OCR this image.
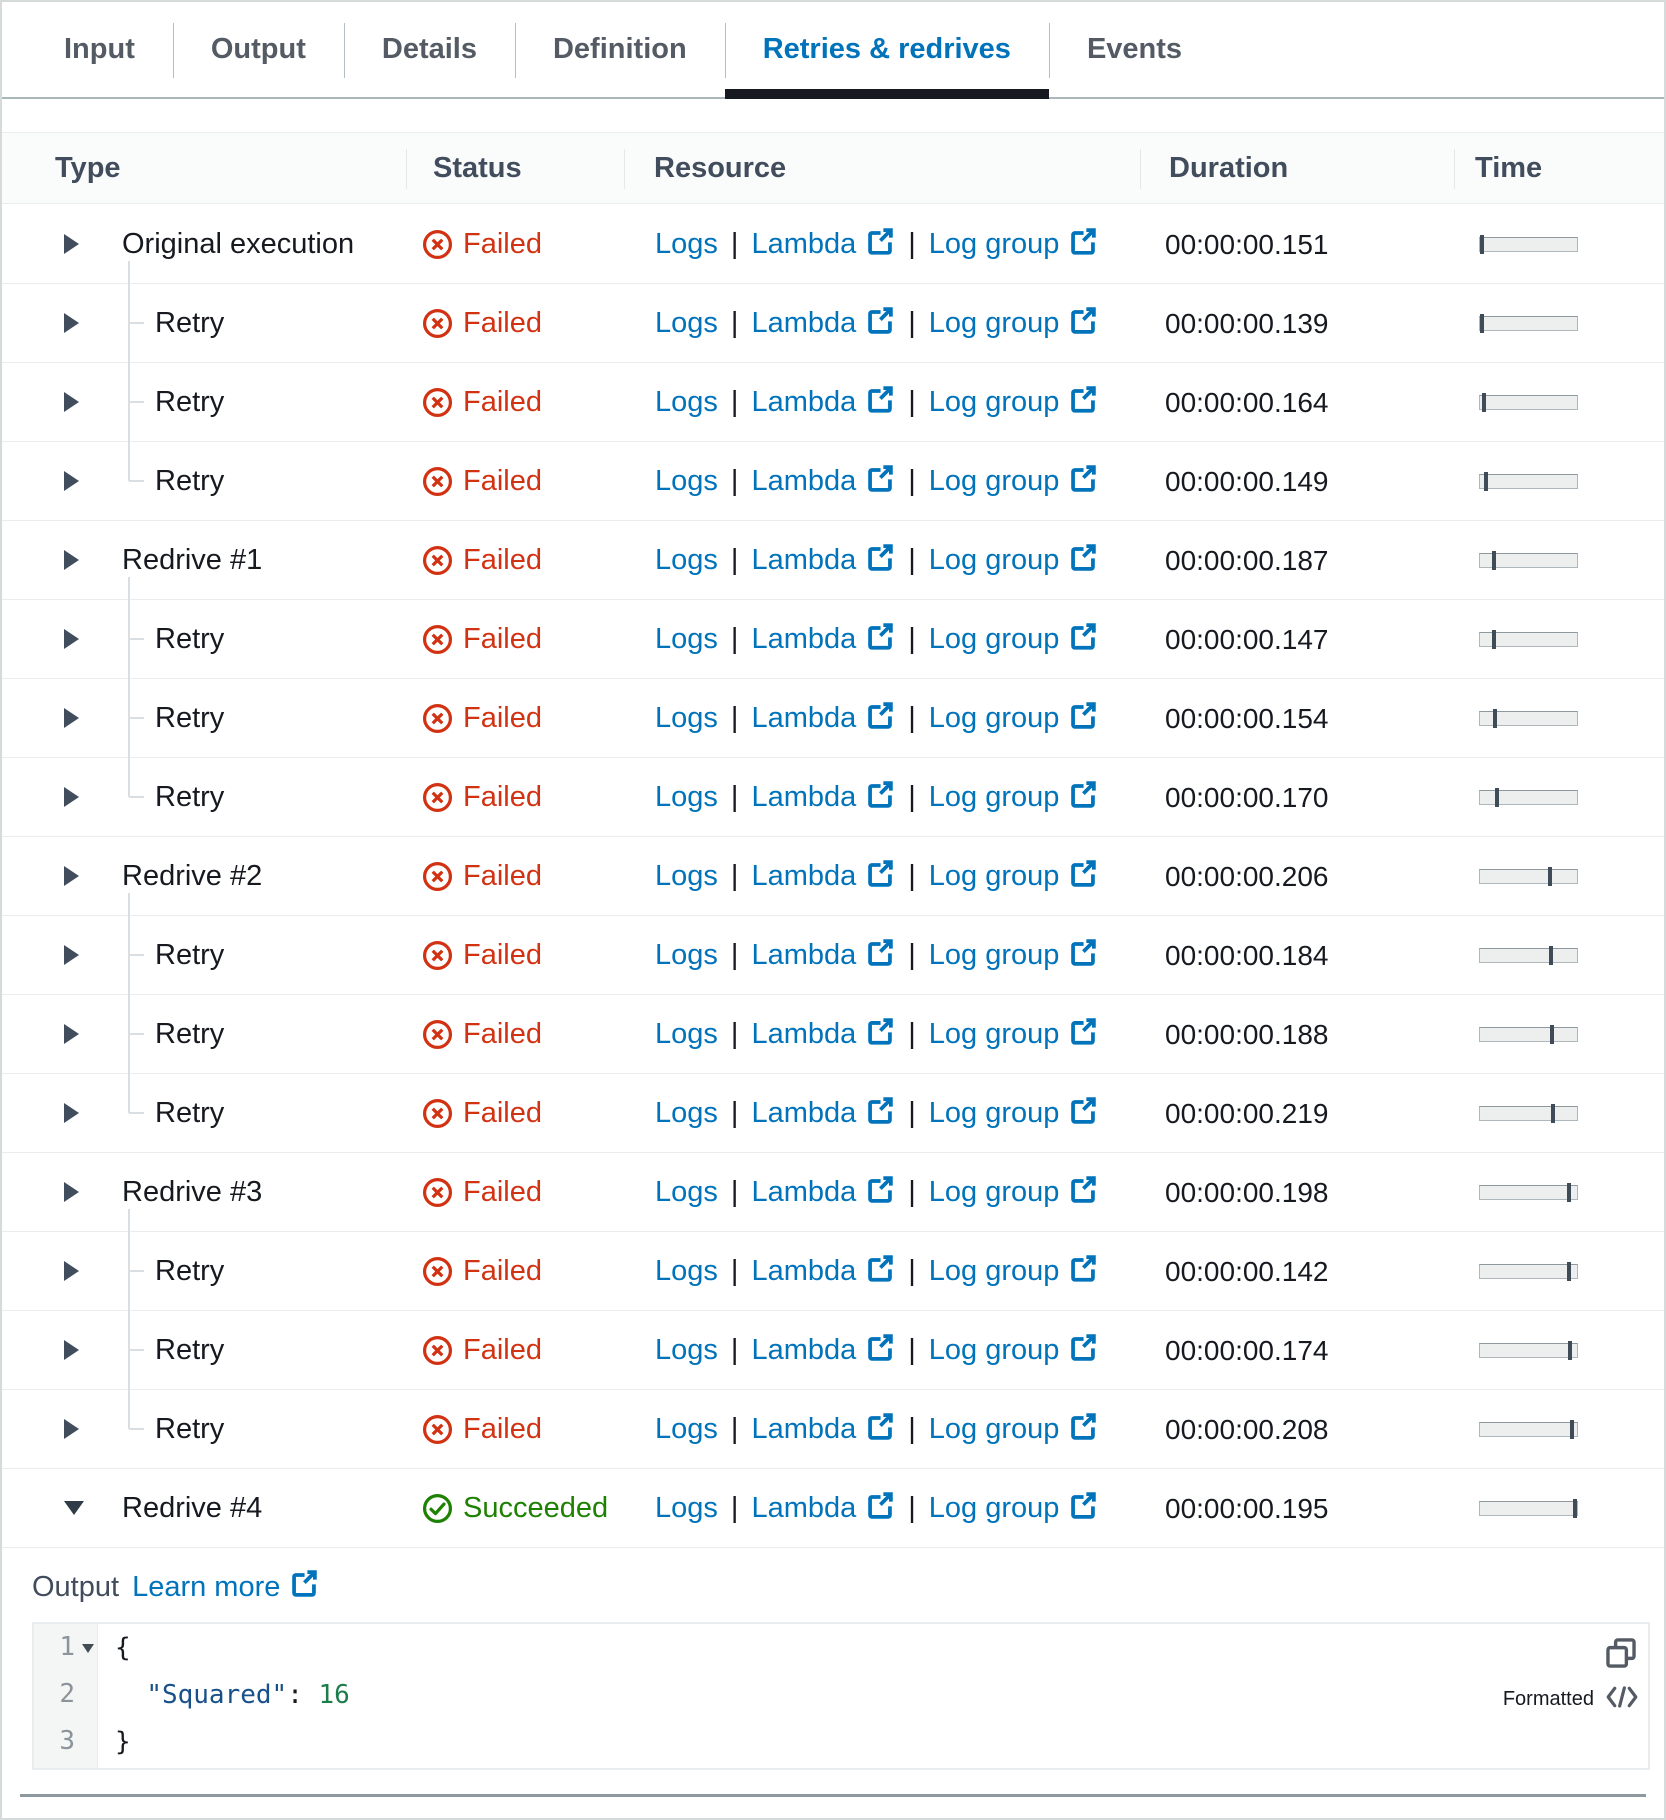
Input	Output	Details	Definition	Retries & redrives	Events
Type	Status	Resource	Duration	Time
Original execution	Failed	Logs | Lambda | Log group	00:00:00.151
Retry	Failed	Logs | Lambda | Log group	00:00:00.139
Retry	Failed	Logs | Lambda | Log group	00:00:00.164
Retry	Failed	Logs | Lambda | Log group	00:00:00.149
Redrive #1	Failed	Logs | Lambda | Log group	00:00:00.187
Retry	Failed	Logs | Lambda | Log group	00:00:00.147
Retry	Failed	Logs | Lambda | Log group	00:00:00.154
Retry	Failed	Logs | Lambda | Log group	00:00:00.170
Redrive #2	Failed	Logs | Lambda | Log group	00:00:00.206
Retry	Failed	Logs | Lambda | Log group	00:00:00.184
Retry	Failed	Logs | Lambda | Log group	00:00:00.188
Retry	Failed	Logs | Lambda | Log group	00:00:00.219
Redrive #3	Failed	Logs | Lambda | Log group	00:00:00.198
Retry	Failed	Logs | Lambda | Log group	00:00:00.142
Retry	Failed	Logs | Lambda | Log group	00:00:00.174
Retry	Failed	Logs | Lambda | Log group	00:00:00.208
Redrive #4	Succeeded Logs | Lambda | Log group	00:00:00.195
Output Learn more
1
2
3
{
"Squared": 16
}
Formatted
